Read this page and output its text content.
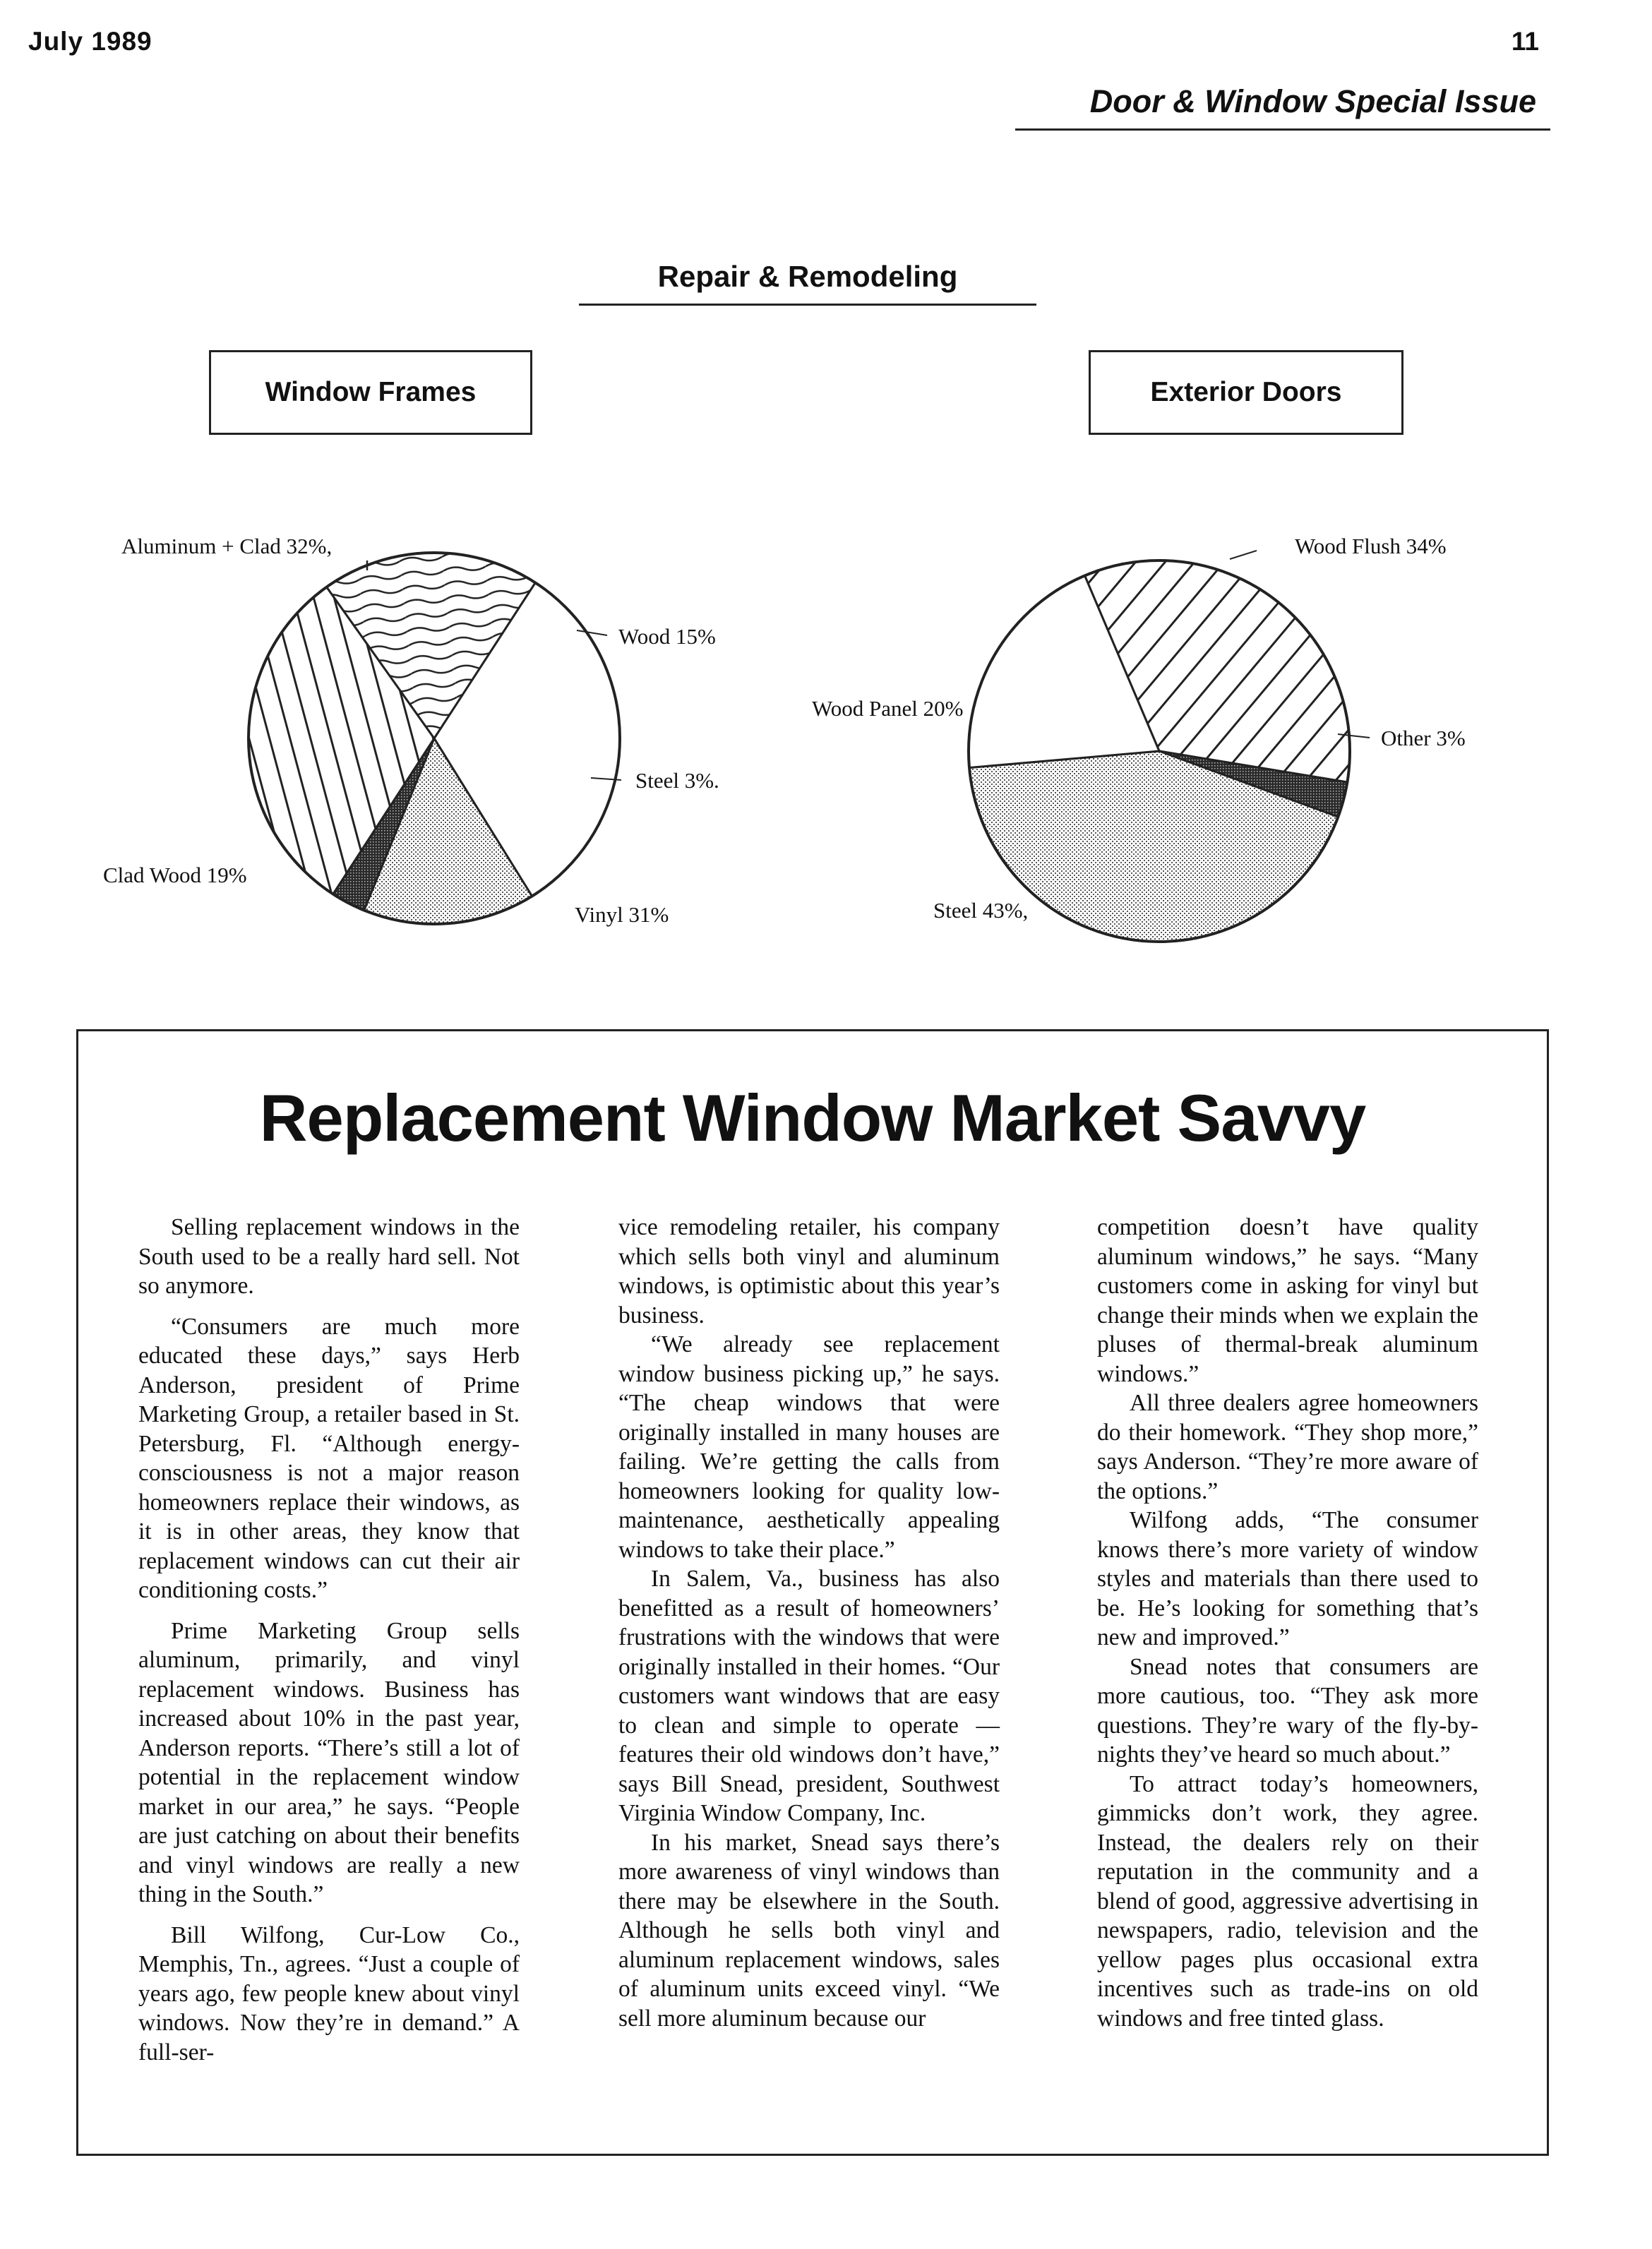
July 1989	11
Door & Window Special Issue
Repair & Remodeling
Window Frames	Exterior Doors
Aluminum + Clad 32%,
Wood 15%
Steel 3%.
Vinyl 31%
Clad Wood 19%
Wood Flush 34%
Other 3%
Steel 43%,
Wood Panel 20%
Replacement Window Market Savvy

Selling replacement windows in the South used to be a really hard sell. Not so anymore.

“Consumers are much more educated these days,” says Herb Anderson, president of Prime Marketing Group, a retailer based in St. Petersburg, Fl. “Although energy-consciousness is not a major reason homeowners replace their windows, as it is in other areas, they know that replacement windows can cut their air conditioning costs.”

Prime Marketing Group sells aluminum, primarily, and vinyl replacement windows. Business has increased about 10% in the past year, Anderson reports. “There’s still a lot of potential in the replacement window market in our area,” he says. “People are just catching on about their benefits and vinyl windows are really a new thing in the South.”

Bill Wilfong, Cur-Low Co., Memphis, Tn., agrees. “Just a couple of years ago, few people knew about vinyl windows. Now they’re in demand.” A full-ser-

vice remodeling retailer, his company which sells both vinyl and aluminum windows, is optimistic about this year’s business.

“We already see replacement window business picking up,” he says. “The cheap windows that were originally installed in many houses are failing. We’re getting the calls from homeowners looking for quality low-maintenance, aesthetically appealing windows to take their place.”

In Salem, Va., business has also benefitted as a result of homeowners’ frustrations with the windows that were originally installed in their homes. “Our customers want windows that are easy to clean and simple to operate — features their old windows don’t have,” says Bill Snead, president, Southwest Virginia Window Company, Inc.

In his market, Snead says there’s more awareness of vinyl windows than there may be elsewhere in the South. Although he sells both vinyl and aluminum replacement windows, sales of aluminum units exceed vinyl. “We sell more aluminum because our

competition doesn’t have quality aluminum windows,” he says. “Many customers come in asking for vinyl but change their minds when we explain the pluses of thermal-break aluminum windows.”

All three dealers agree homeowners do their homework. “They shop more,” says Anderson. “They’re more aware of the options.”

Wilfong adds, “The consumer knows there’s more variety of window styles and materials than there used to be. He’s looking for something that’s new and improved.”

Snead notes that consumers are more cautious, too. “They ask more questions. They’re wary of the fly-by-nights they’ve heard so much about.”

To attract today’s homeowners, gimmicks don’t work, they agree. Instead, the dealers rely on their reputation in the community and a blend of good, aggressive advertising in newspapers, radio, television and the yellow pages plus occasional extra incentives such as trade-ins on old windows and free tinted glass.
